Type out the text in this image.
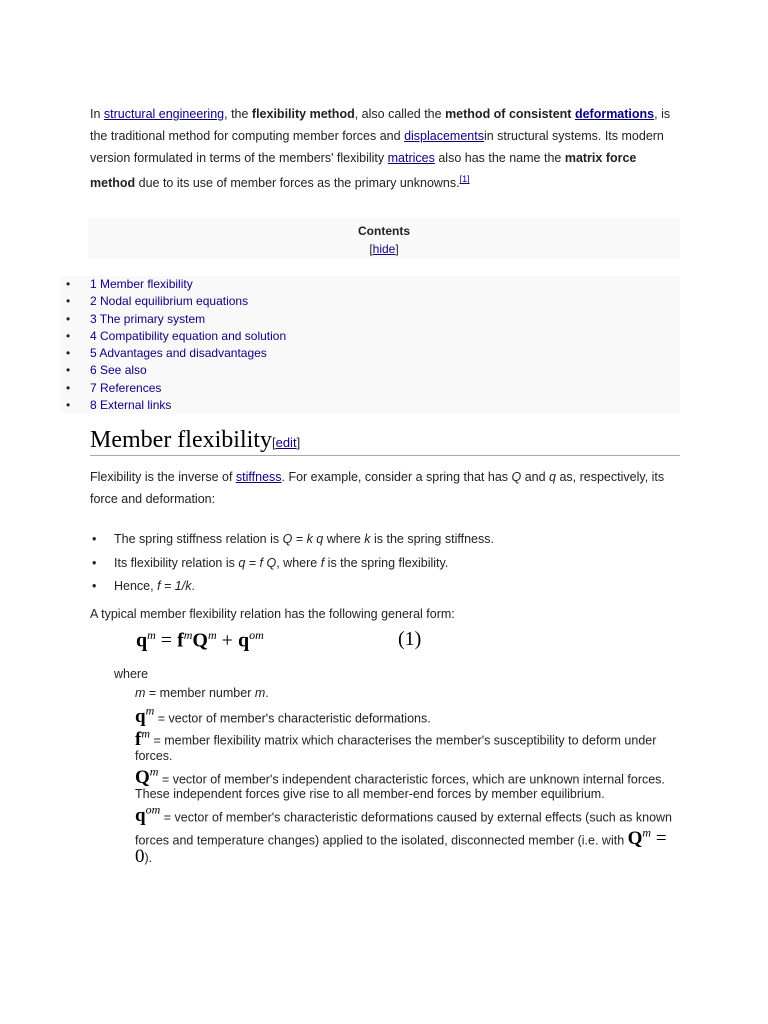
In structural engineering, the flexibility method, also called the method of consistent deformations, is the traditional method for computing member forces and displacementsin structural systems. Its modern version formulated in terms of the members' flexibility matrices also has the name the matrix force method due to its use of member forces as the primary unknowns.[1]

Contents
[hide]
• 1 Member flexibility
• 2 Nodal equilibrium equations
• 3 The primary system
• 4 Compatibility equation and solution
• 5 Advantages and disadvantages
• 6 See also
• 7 References
• 8 External links
Member flexibility[edit]

Flexibility is the inverse of stiffness. For example, consider a spring that has Q and q as, respectively, its force and deformation:

• The spring stiffness relation is Q = k q where k is the spring stiffness.
• Its flexibility relation is q = f Q, where f is the spring flexibility.
• Hence, f = 1/k.

A typical member flexibility relation has the following general form:

$q^m = f^mQ^m + q^{om}$	(1)
where

m = member number m.

$q^m$ = vector of member's characteristic deformations.

$f^m$ = member flexibility matrix which characterises the member's susceptibility to deform under forces.

$Q^m$ = vector of member's independent characteristic forces, which are unknown internal forces. These independent forces give rise to all member-end forces by member equilibrium.

$q^{om}$ = vector of member's characteristic deformations caused by external effects (such as known forces and temperature changes) applied to the isolated, disconnected member (i.e. with $Q^m = 0$).
